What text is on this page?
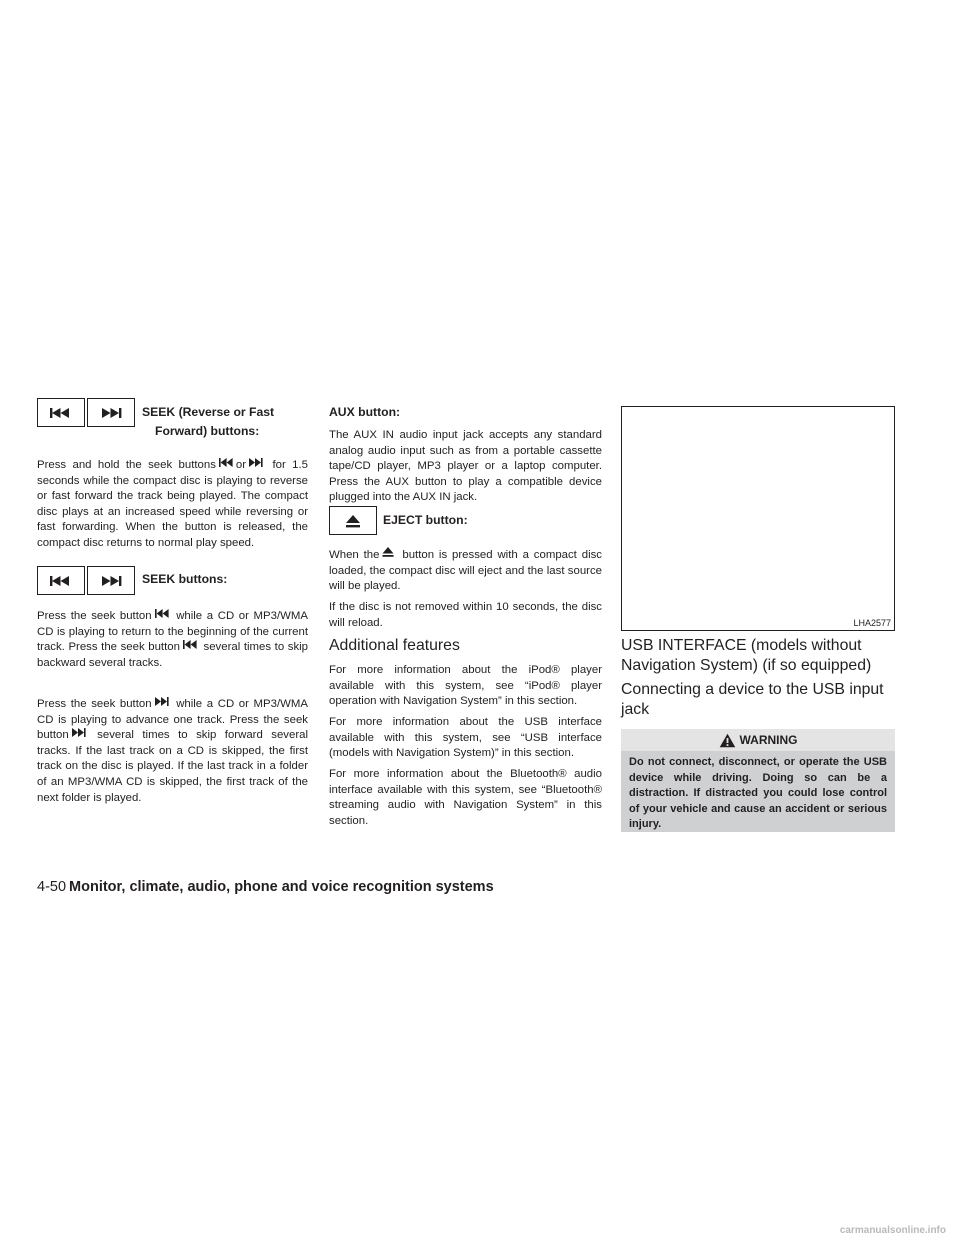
SEEK (Reverse or Fast
Forward) buttons:

Press and hold the seek buttons or for 1.5 seconds while the compact disc is playing to reverse or fast forward the track being played. The compact disc plays at an increased speed while reversing or fast forwarding. When the button is released, the compact disc returns to normal play speed.

SEEK buttons:

Press the seek button while a CD or MP3/WMA CD is playing to return to the beginning of the current track. Press the seek button several times to skip backward several tracks.

Press the seek button while a CD or MP3/WMA CD is playing to advance one track. Press the seek button	several times to skip forward several tracks. If the last track on a CD is skipped, the first track on the disc is played. If the last track in a folder of an MP3/WMA CD is skipped, the first track of the next folder is played.

AUX button:

The AUX IN audio input jack accepts any standard analog audio input such as from a portable cassette tape/CD player, MP3 player or a laptop computer. Press the AUX button to play a compatible device plugged into the AUX IN jack.

EJECT button:

When the button is pressed with a compact disc loaded, the compact disc will eject and the last source will be played.

If the disc is not removed within 10 seconds, the disc will reload.

Additional features

For more information about the iPod® player available with this system, see “iPod® player operation with Navigation System” in this section.

For more information about the USB interface available with this system, see “USB interface (models with Navigation System)” in this section.

For more information about the Bluetooth® audio interface available with this system, see “Bluetooth® streaming audio with Navigation System” in this section.

LHA2577
USB INTERFACE (models without Navigation System) (if so equipped)
Connecting a device to the USB input jack
WARNING

Do not connect, disconnect, or operate the USB device while driving. Doing so can be a distraction. If distracted you could lose control of your vehicle and cause an accident or serious injury.

4-50 Monitor, climate, audio, phone and voice recognition systems
carmanualsonline.info
